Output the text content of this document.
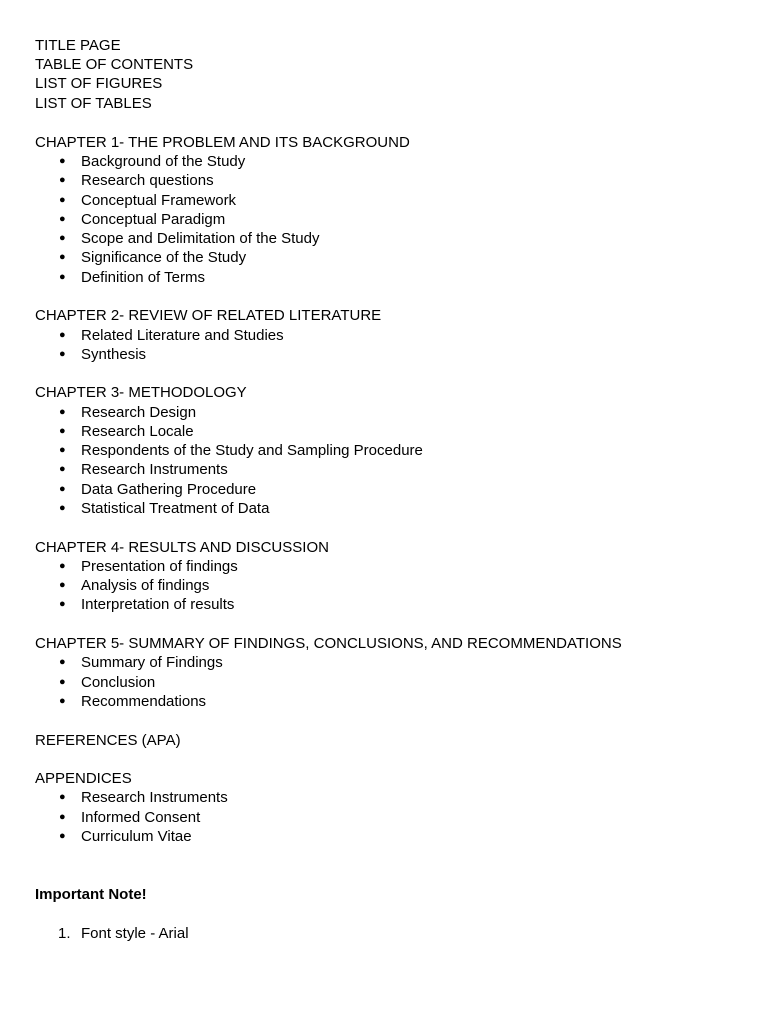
TITLE PAGE
TABLE OF CONTENTS
LIST OF FIGURES
LIST OF TABLES
CHAPTER 1- THE PROBLEM AND ITS BACKGROUND
● Background of the Study
● Research questions
● Conceptual Framework
● Conceptual Paradigm
● Scope and Delimitation of the Study
● Significance of the Study
● Definition of Terms
CHAPTER 2- REVIEW OF RELATED LITERATURE
● Related Literature and Studies
● Synthesis
CHAPTER 3- METHODOLOGY
● Research Design
● Research Locale
● Respondents of the Study and Sampling Procedure
● Research Instruments
● Data Gathering Procedure
● Statistical Treatment of Data
CHAPTER 4- RESULTS AND DISCUSSION
● Presentation of findings
● Analysis of findings
● Interpretation of results
CHAPTER 5- SUMMARY OF FINDINGS, CONCLUSIONS, AND RECOMMENDATIONS
● Summary of Findings
● Conclusion
● Recommendations
REFERENCES (APA)
APPENDICES
● Research Instruments
● Informed Consent
● Curriculum Vitae
Important Note!
1. Font style - Arial
